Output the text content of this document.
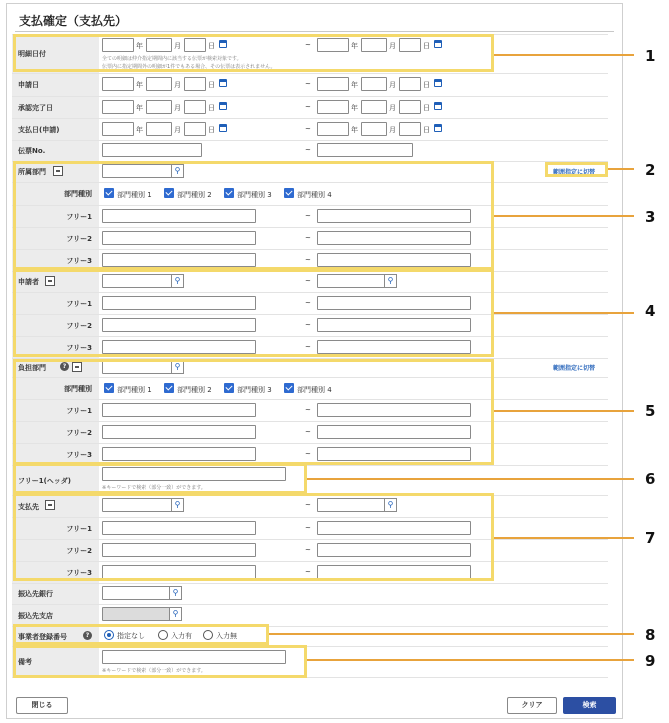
支払確定（支払先）
明細日付
年	月	日	~	年	月	日
全ての明細は仲介指定期間内に該当する伝票が検索対象です。
伝票内に指定期間外の明細が1件でもある場合、その伝票は表示されません。
申請日	年	月	日	~	年	月	日
承認完了日	年	月	日	~	年	月	日
支払日(申請)	年	月	日	~	年	月	日
伝票No.	~
所属部門	⚲	範囲指定に切替
部門種別	部門種別 1	部門種別 2	部門種別 3	部門種別 4
フリー1	~
フリー2	~
フリー3	~
申請者	⚲	~	⚲
フリー1	~
フリー2	~
フリー3	~
負担部門	?	⚲	範囲指定に切替
部門種別	部門種別 1	部門種別 2	部門種別 3	部門種別 4
フリー1	~
フリー2	~
フリー3	~
フリー1(ヘッダ)
※キーワードで検索（部分一致）ができます。
支払先	⚲	~	⚲
フリー1	~
フリー2	~
フリー3	~
振込先銀行	⚲
振込先支店	⚲
事業者登録番号	?	指定なし	入力有	入力無
備考
※キーワードで検索（部分一致）ができます。
閉じる	クリア	検索
1
2
3
4
5
6
7
8
9
